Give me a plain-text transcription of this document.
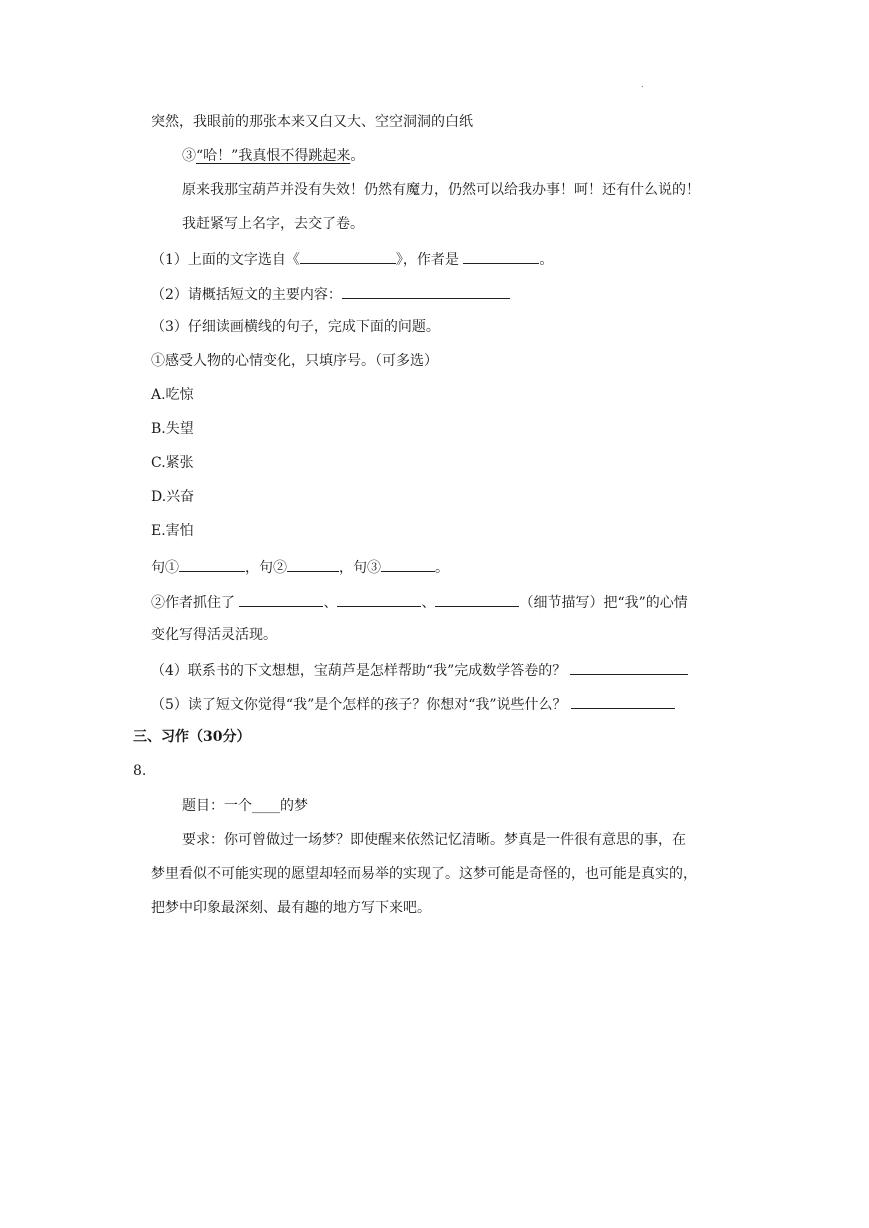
.
突然，我眼前的那张本来又白又大、空空洞洞的白纸
③“哈！”我真恨不得跳起来。
原来我那宝葫芦并没有失效！仍然有魔力，仍然可以给我办事！呵！还有什么说的！
我赶紧写上名字，去交了卷。
（1）上面的文字选自《	》，作者是	。
（2）请概括短文的主要内容：
（3）仔细读画横线的句子，完成下面的问题。
①感受人物的心情变化，只填序号。（可多选）
A.吃惊
B.失望
C.紧张
D.兴奋
E.害怕
句①	，句②	，句③	。
②作者抓住了	、	、	（细节描写）把“我”的心情
变化写得活灵活现。
（4）联系书的下文想想，宝葫芦是怎样帮助“我”完成数学答卷的？
（5）读了短文你觉得“我”是个怎样的孩子？你想对“我”说些什么？
三、习作（30分）
8.
题目：一个____的梦
要求：你可曾做过一场梦？即使醒来依然记忆清晰。梦真是一件很有意思的事，在
梦里看似不可能实现的愿望却轻而易举的实现了。这梦可能是奇怪的，也可能是真实的，
把梦中印象最深刻、最有趣的地方写下来吧。
